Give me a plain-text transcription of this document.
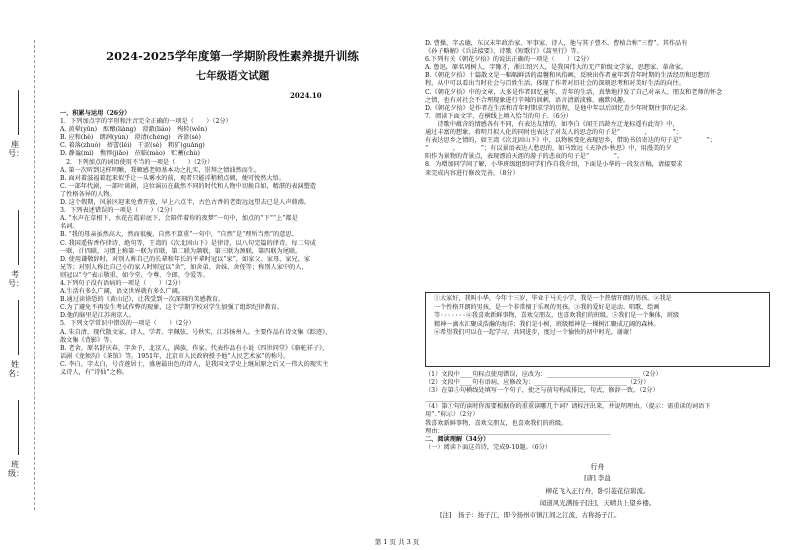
座号：
考号：
姓名：
班级：
2024-2025学年度第一学期阶段性素养提升训练
七年级语文试题
2024.10

一、积累与运用（26分）

1．下列加点字的字形和注音完全正确的一项是（　　）（2分）

A. 黄晕(yūn)　酝酿(liàng)　澄澈(liáo)　殉转(wěn)

B. 应和(hè)　朗润(yùn)　澄清(chéng)　吝啬(sè)

C. 着落(zhuó)　蓓蕾(lěi)　干涩(sè)　粗犷(guǎng)

D. 静谧(mì)　憔悴(jiāo)　莅临(mào)　贮蓄(chù)

　2．下列加点的词语使用不当的一项是（　　）（2分）

A. 第一次听到这样明晰，我顿感老师基本功之扎实，崇拜之情油然而生。

B. 面对着滋福着起来似乎让一头雾水的前，观者只能淫稍稍点顿，便可悦然大悟。

C. 一部年代剧，一部叶谈剧，这位演员在截然不同的时代和人物中切换自如，精湛的表演塑造

了性格各异的人物。

D. 这个假期，风景区迎来免费开放，早上六点半，古色古香的老街远远望去已是人声鼎沸。

3．下列表述错误的一项是（　　）（2分）

A. “水声在草根下，水花在霞彩底下，会陪伴着你的夜梦”一句中，加点的“下”“上”都是

名词。

B. “我的母亲虽然高大，然而很瘦，自然不算重”一句中，“自然”是“理所当然”的意思。

C. 我国遥传香作律诗、绝句等，王湾的《次北固山下》是律诗，以八句完篇的律诗，每二句成

一联，计四联，习惯上称第一联为首联，第二联为颔联，第三联为颈联，第四联为尾联。

D. 使用谦敬辞时，对别人称自己的长辈和年长的平辈时冠以“家”，如家父、家母、家兄、家

兄等；对别人称比自己小的家人时则冠以“舍”，如舍弟、舍妹、舍侄等；称别人家中的人，

则冠以“令”表示敬重，如令堂、令尊、令郎、令爱等。

4.下列句子没有语病的一项是（　　）（2分）

A.生活有多么广阔，语文世界就有多么广阔。

B.通过读徐恐的《黄山记》，让我受到一次深刻的美感教育。

C.为了避免不再发生考试作弊的现象，这个学期学校对学生加强了组织纪律教育。

D.他的脑里是江苏南京人。

5．下列文学常识中错误的一项是（　　）（2分）

A. 朱自清，现代散文家、诗人、学者。字佩弦，号秋实，江苏扬州人。主要作品有诗文集《踪迹》、

散文集《背影》等。

B. 老舍，原名舒庆春，字舍予，北京人，满族，作家。代表作品有小说《四世同堂》《骆驼祥子》，

话剧《龙须沟》《茶馆》等。1951年，北京市人民政府授予他“人民艺术家”的称号。

C. 李白，字太白，号青莲居士，盛唐最出色的诗人，是我国文学史上继屈原之后又一伟大的现实主

义诗人，有“诗仙”之称。

D. 曹操，字孟德，东汉末年政治家、军事家、诗人，他与其子曹丕、曹植合称“三曹”。其作品有

《孙子略解》《兵法接要》、诗歌《短歌行》《蒿里行》等。

6.下列有关《朝花夕拾》的说法正确的一项是（　　）（2分）

A. 鲁迅，原名周树人，字豫才，浙江绍兴人，是我国伟大的无产阶级文学家、思想家、革命家。

B.《朝花夕拾》十篇散文是一幅幅鲜活的温馨和风俗画，反映出作者童年到青年时期的生活经历和思想历

程，从中可以看出当时社会与百姓生活，体现了作者对旧社会的深刻思考和对美好生活的向往。

C.《朝花夕拾》中的文章，大多是作者回忆童年、青年的生活，真挚地抒发了自己对亲人、朋友和老师的怀念

之情，也有对社会不合理现象进行辛辣的讽刺，语言清新淡雅、幽默风趣。

D.《朝花夕拾》是作者在生活和青年时期求学的历程，是他中年以后回忆青少年时期往事的记录。

7．阅读下面文字，在横线上填入恰当的句子。（6分）

　　诗歌中蕴含的情感各有不同，有表达友情的，如李白《闻王昌龄左迁龙标遥有此寄》中，

通过丰富的想象，将明月拟人化的同时也表达了对友人的思念的句子是“　　　　，　　　　”；

有表达思乡之情的，如王湾《次北固山下》中，以物候变化表现思乡，借助书信寄达的句子是“　　　　”；

“　　　　，　　　　”；有以景语表达人愁思的，如马致远《天净沙·秋思》中，用漫美的夕

阳作为景物的背景点，表现漂泊天涯的游子的悲哀的句子是“　　　　”。

8．为增加同学间了解，小华班级组织同学们作自我介绍，下面是小华的一段发言稿，请接要求

来完成内容进行修改完善。（8分）

①大家好，我叫小华，今年十三岁，毕业于马关小学，我是一个热情开朗的男孩。②我是

一个性格开朗的男孩，是一个非常擅于乐观的男孩。③我的爱好是运动、唱歌、绘画

等·······④我喜欢新鲜事物，喜欢交朋友，也喜欢我们的班级。⑤我们是一个集体，班级

精神一滴水汇聚成浩瀚的海洋；我们是小树，班级精神是一棵树汇聚成辽阔的森林。

⑥希望我们可以在一起学习，共同进步，度过一个愉快的初中时光。谢谢！

（1）文段中____句标点使用错误，应改为：______________________________（2分）

（2）文段中____句有语病，应修改为：______________________________（2分）

（3）在第⑤句横线处填写一个句子，使之与前句构成排比，句式、修辞一致。（2分）

______________________________________________________________

（4）第①句的读时你需要根据你的重重读哪几个词？请标注出来，并说明理由。（提示：需重读的词语下

用“．”标示）（2分）

我喜欢新鲜事物，喜欢交朋友，也喜欢我们的班级。

理由：______________________________________________________

二、阅读理解（34分）

（一）阅读下面这首诗，完成9-10题。（6分）

行舟
[唐] 李益
柳花飞入正行舟，卧引菱花信碧流。
闻道风光满扬子[注]，天晴共上望乡楼。
[注]　扬子：扬子江，即今扬州市镇江间之江流，古称扬子江。
第 1 页 共 3 页
